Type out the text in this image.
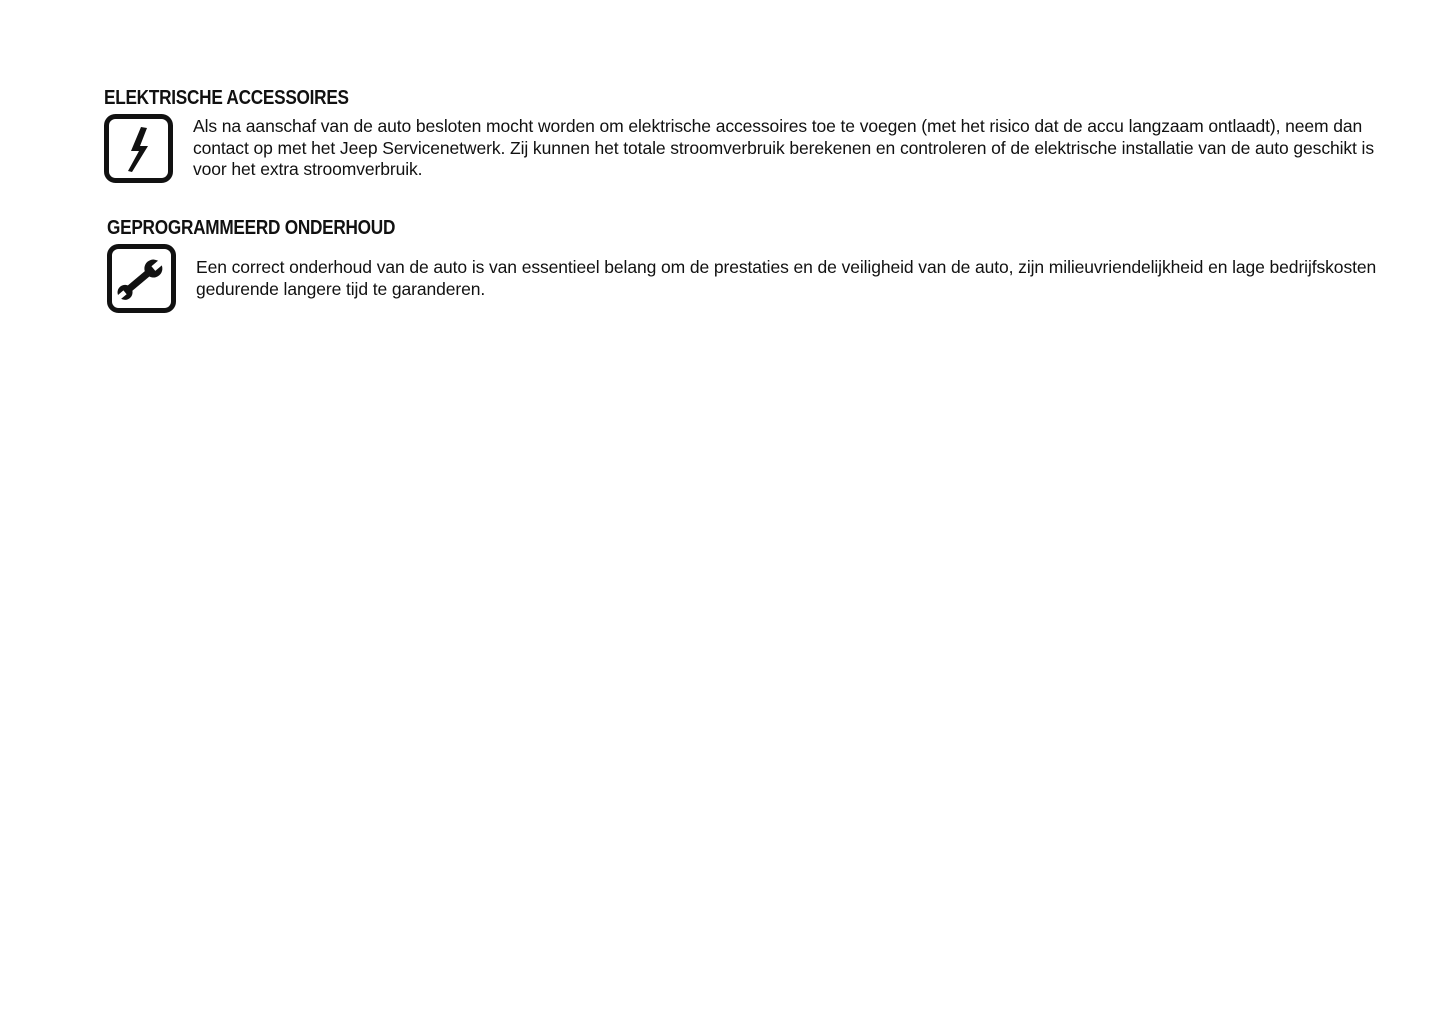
ELEKTRISCHE ACCESSOIRES

Als na aanschaf van de auto besloten mocht worden om elektrische accessoires toe te voegen (met het risico dat de accu langzaam ontlaadt), neem dan contact op met het Jeep Servicenetwerk. Zij kunnen het totale stroomverbruik berekenen en controleren of de elektrische installatie van de auto geschikt is voor het extra stroomverbruik.

GEPROGRAMMEERD ONDERHOUD

Een correct onderhoud van de auto is van essentieel belang om de prestaties en de veiligheid van de auto, zijn milieuvriendelijkheid en lage bedrijfskosten gedurende langere tijd te garanderen.
